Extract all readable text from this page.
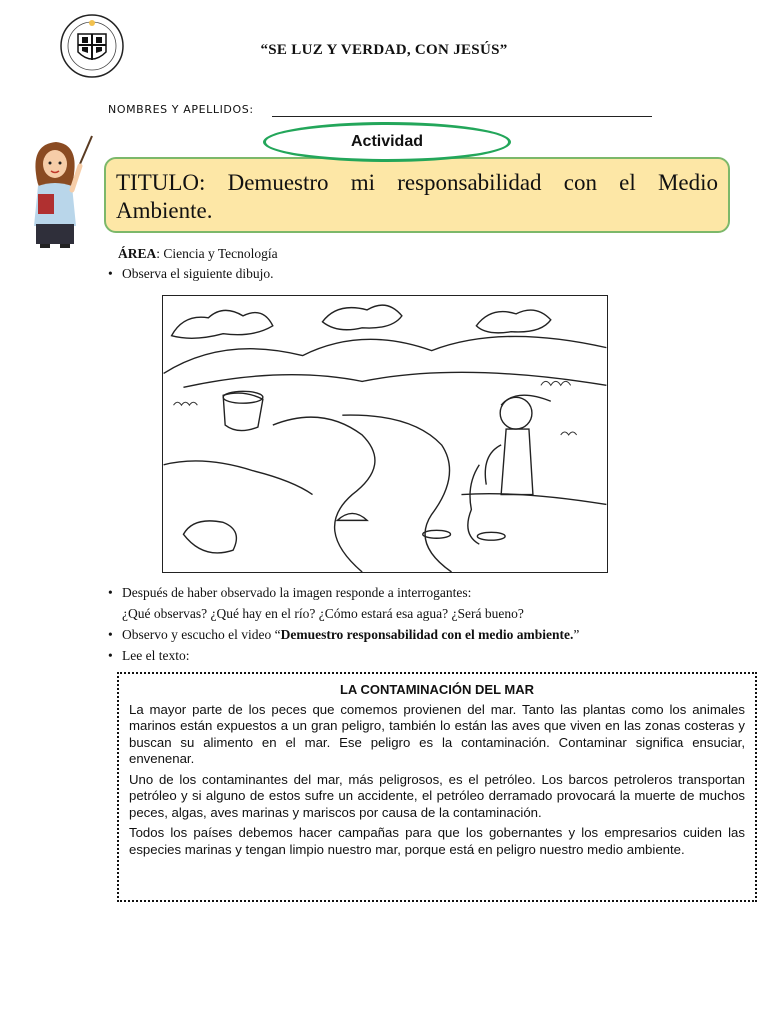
“SE LUZ Y VERDAD, CON JESÚS”
NOMBRES Y APELLIDOS:
TITULO: Demuestro mi responsabilidad con el Medio Ambiente.
Actividad
ÁREA: Ciencia y Tecnología
• Observa el siguiente dibujo.
• Después de haber observado la imagen responde a interrogantes:
¿Qué observas? ¿Qué hay en el río? ¿Cómo estará esa agua? ¿Será bueno?
• Observo y escucho el video “Demuestro responsabilidad con el medio ambiente.”
• Lee el texto:
LA CONTAMINACIÓN DEL MAR

La mayor parte de los peces que comemos provienen del mar. Tanto las plantas como los animales marinos están expuestos a un gran peligro, también lo están las aves que viven en las zonas costeras y buscan su alimento en el mar. Ese peligro es la contaminación. Contaminar significa ensuciar, envenenar.

Uno de los contaminantes del mar, más peligrosos, es el petróleo. Los barcos petroleros transportan petróleo y si alguno de estos sufre un accidente, el petróleo derramado provocará la muerte de muchos peces, algas, aves marinas y mariscos por causa de la contaminación.

Todos los países debemos hacer campañas para que los gobernantes y los empresarios cuiden las especies marinas y tengan limpio nuestro mar, porque está en peligro nuestro medio ambiente.
